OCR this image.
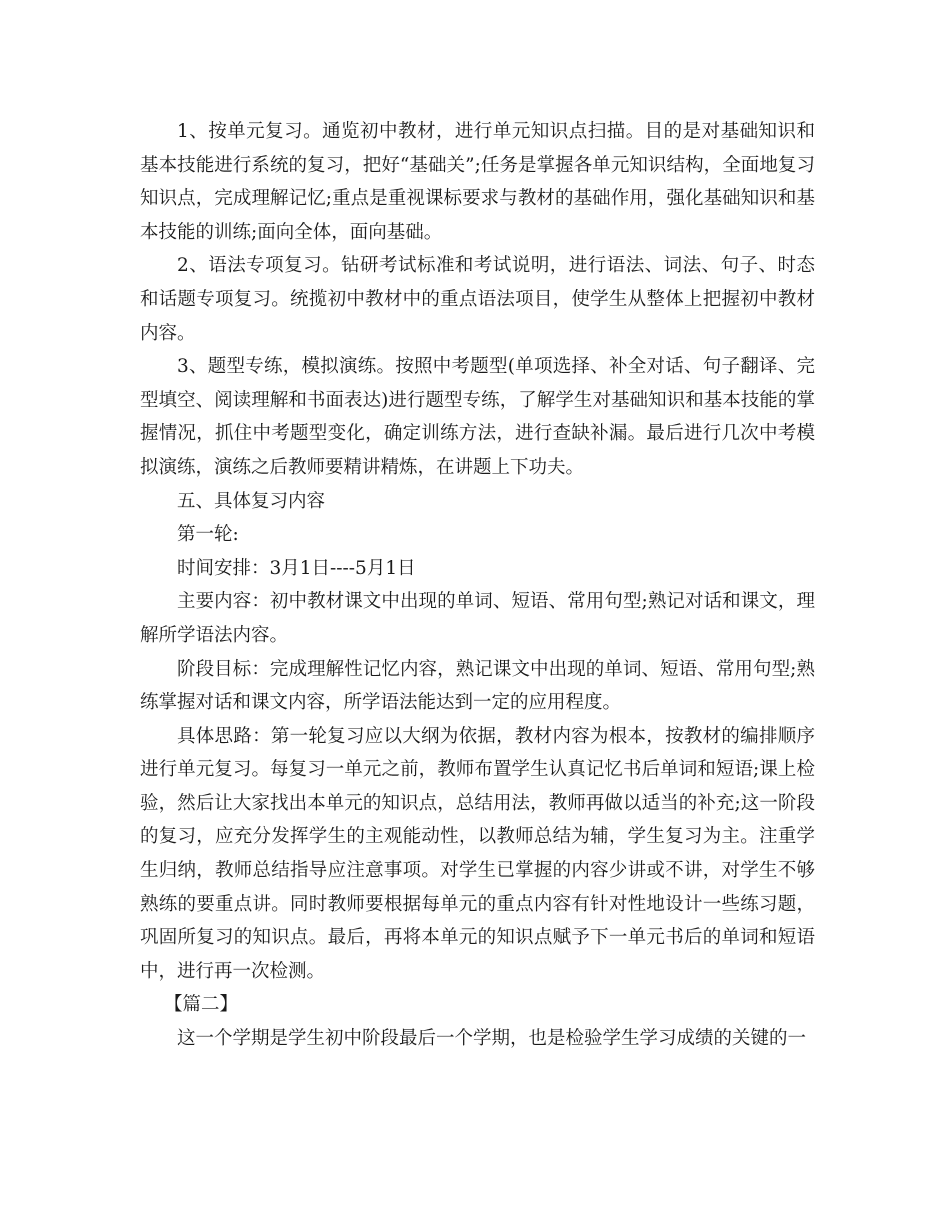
1、按单元复习。通览初中教材，进行单元知识点扫描。目的是对基础知识和基本技能进行系统的复习，把好“基础关”;任务是掌握各单元知识结构，全面地复习知识点，完成理解记忆;重点是重视课标要求与教材的基础作用，强化基础知识和基本技能的训练;面向全体，面向基础。

2、语法专项复习。钻研考试标准和考试说明，进行语法、词法、句子、时态和话题专项复习。统揽初中教材中的重点语法项目，使学生从整体上把握初中教材内容。

3、题型专练，模拟演练。按照中考题型(单项选择、补全对话、句子翻译、完型填空、阅读理解和书面表达)进行题型专练，了解学生对基础知识和基本技能的掌握情况，抓住中考题型变化，确定训练方法，进行查缺补漏。最后进行几次中考模拟演练，演练之后教师要精讲精炼，在讲题上下功夫。

五、具体复习内容

第一轮:

时间安排：3月1日----5月1日

主要内容：初中教材课文中出现的单词、短语、常用句型;熟记对话和课文，理解所学语法内容。

阶段目标：完成理解性记忆内容，熟记课文中出现的单词、短语、常用句型;熟练掌握对话和课文内容，所学语法能达到一定的应用程度。

具体思路：第一轮复习应以大纲为依据，教材内容为根本，按教材的编排顺序进行单元复习。每复习一单元之前，教师布置学生认真记忆书后单词和短语;课上检验，然后让大家找出本单元的知识点，总结用法，教师再做以适当的补充;这一阶段的复习，应充分发挥学生的主观能动性，以教师总结为辅，学生复习为主。注重学生归纳，教师总结指导应注意事项。对学生已掌握的内容少讲或不讲，对学生不够熟练的要重点讲。同时教师要根据每单元的重点内容有针对性地设计一些练习题，巩固所复习的知识点。最后，再将本单元的知识点赋予下一单元书后的单词和短语中，进行再一次检测。

【篇二】

这一个学期是学生初中阶段最后一个学期，也是检验学生学习成绩的关键的一
